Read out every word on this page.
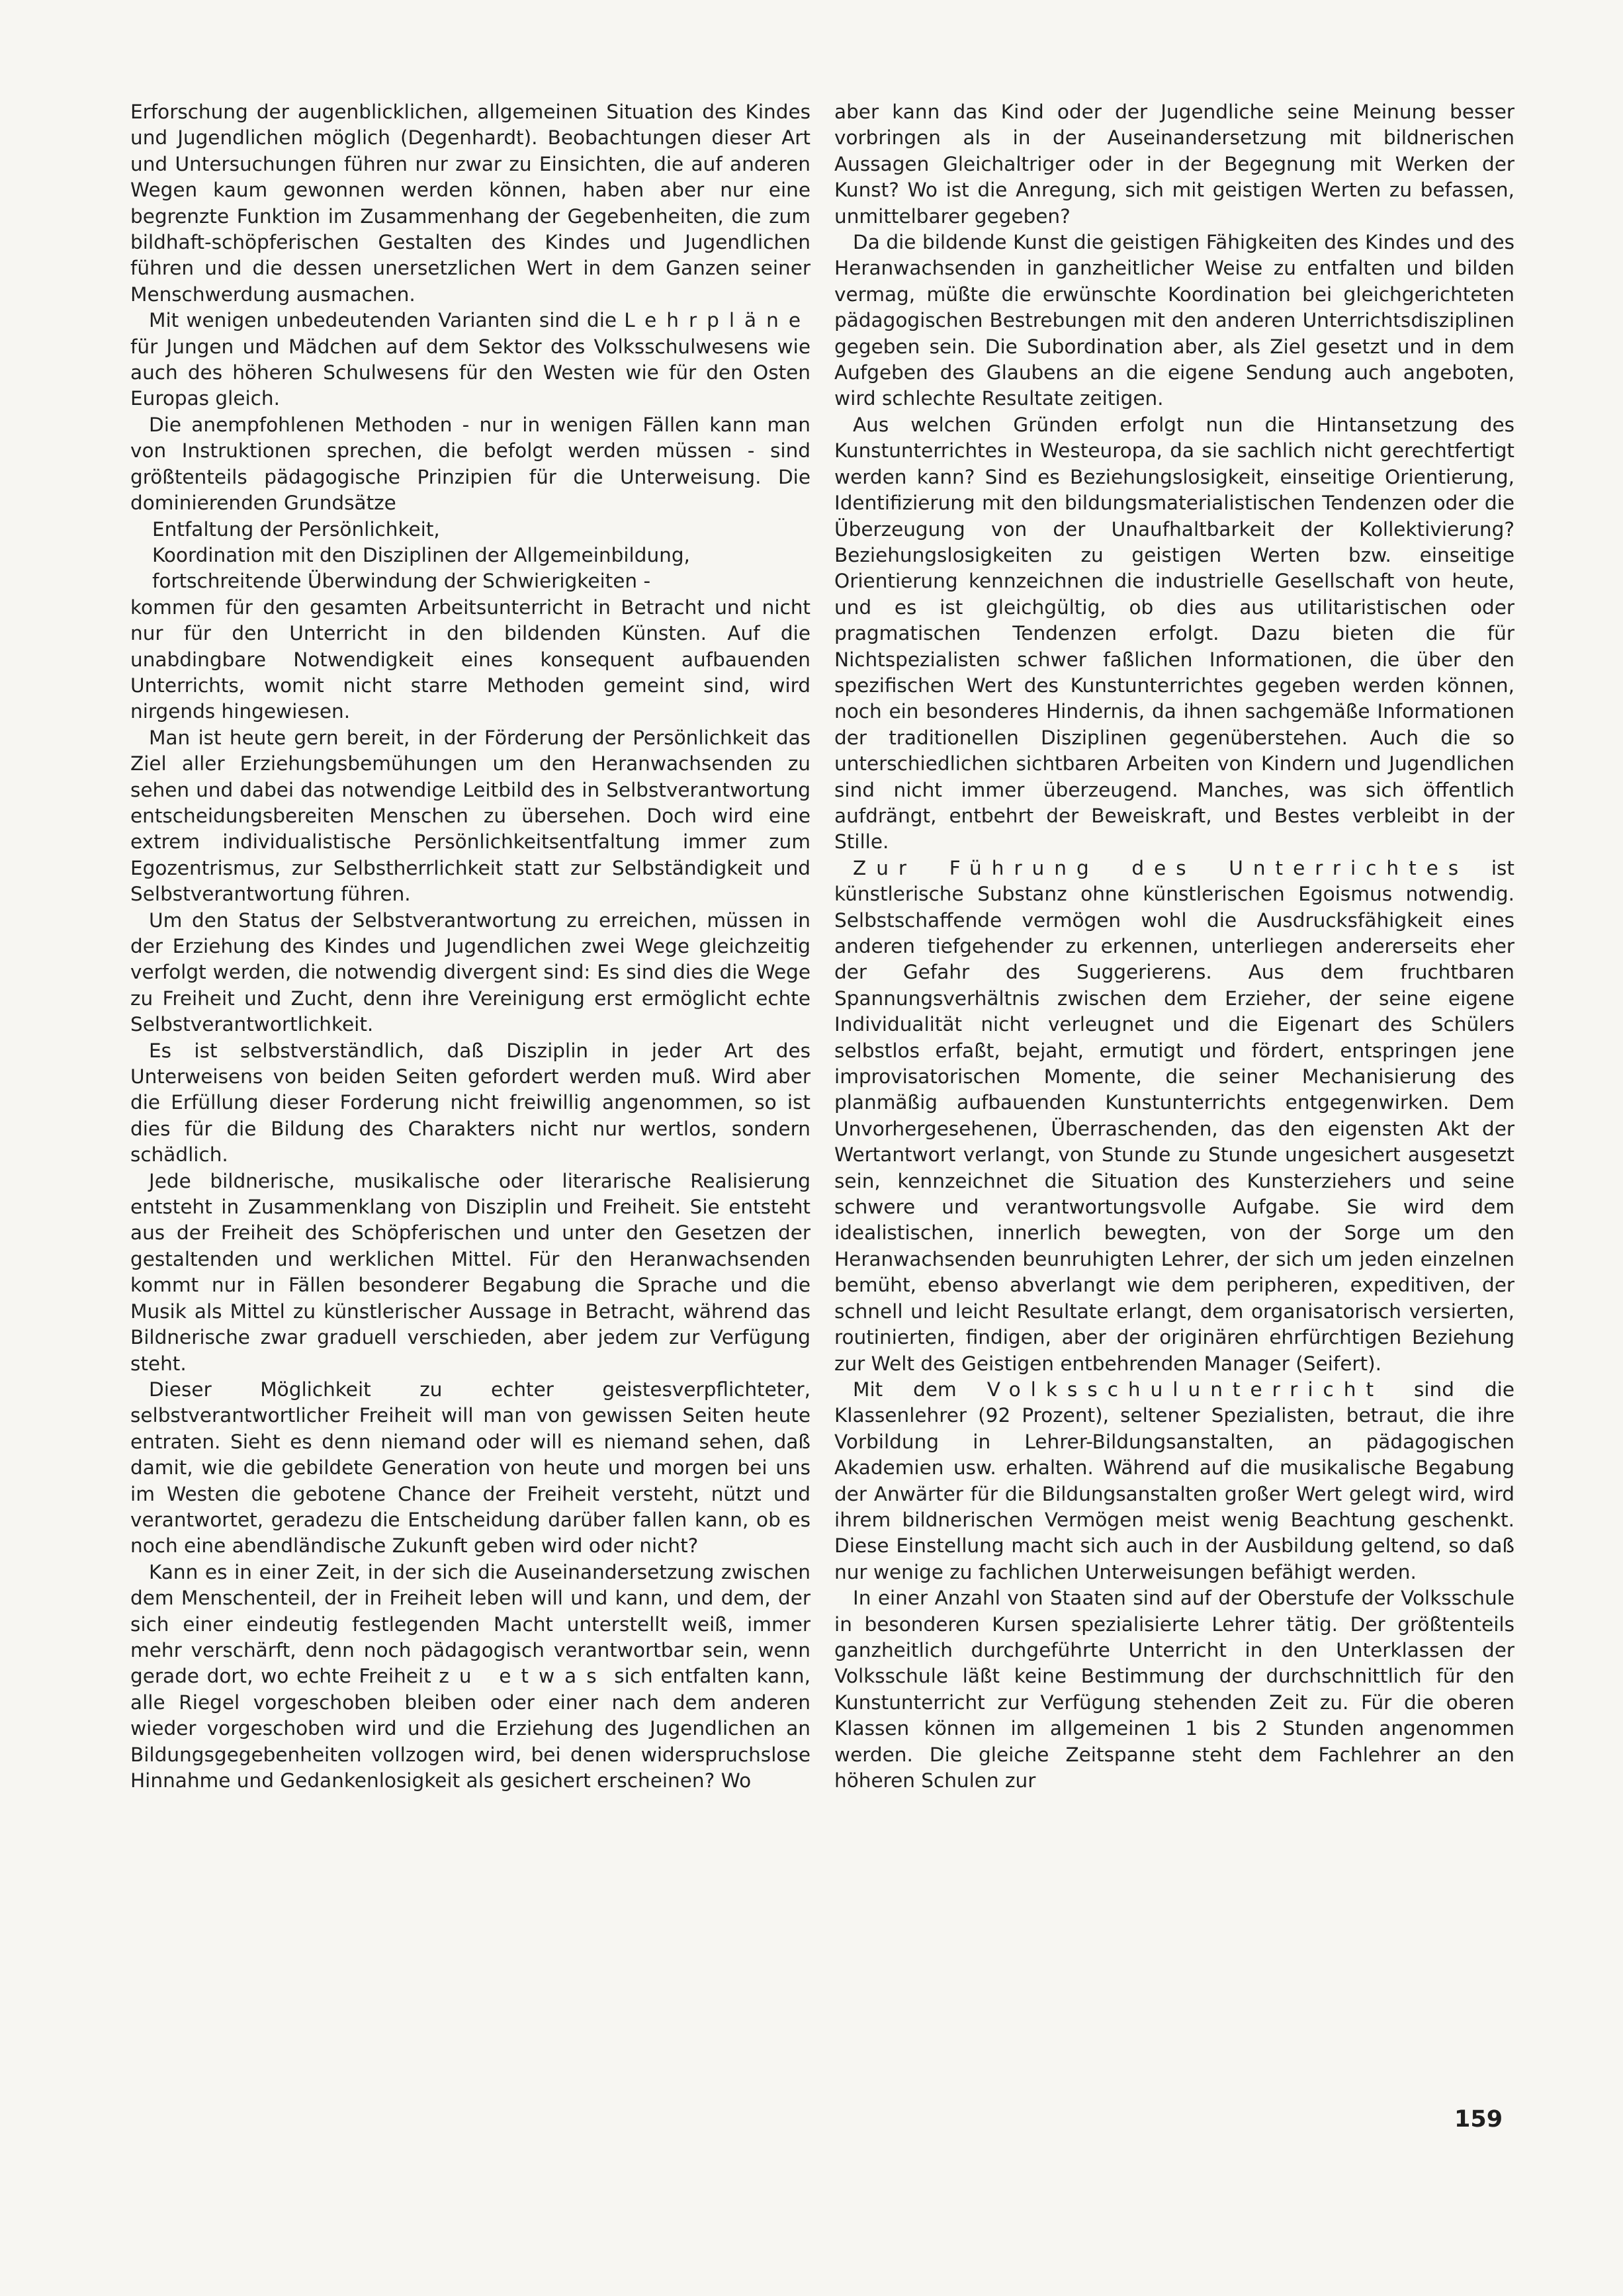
Erforschung der augenblicklichen, allgemeinen Situation des Kindes und Jugendlichen möglich (Degenhardt). Beobachtungen dieser Art und Untersuchungen führen nur zwar zu Einsichten, die auf anderen Wegen kaum gewonnen werden können, haben aber nur eine begrenzte Funktion im Zusammenhang der Gegebenheiten, die zum bildhaft-schöpferischen Gestalten des Kindes und Jugendlichen führen und die dessen unersetzlichen Wert in dem Ganzen seiner Menschwerdung ausmachen.

Mit wenigen unbedeutenden Varianten sind die Lehrpläne für Jungen und Mädchen auf dem Sektor des Volksschulwesens wie auch des höheren Schulwesens für den Westen wie für den Osten Europas gleich.

Die anempfohlenen Methoden - nur in wenigen Fällen kann man von Instruktionen sprechen, die befolgt werden müssen - sind größtenteils pädagogische Prinzipien für die Unterweisung. Die dominierenden Grundsätze

Entfaltung der Persönlichkeit,

Koordination mit den Disziplinen der Allgemeinbildung,

fortschreitende Überwindung der Schwierigkeiten -

kommen für den gesamten Arbeitsunterricht in Betracht und nicht nur für den Unterricht in den bildenden Künsten. Auf die unabdingbare Notwendigkeit eines konsequent aufbauenden Unterrichts, womit nicht starre Methoden gemeint sind, wird nirgends hingewiesen.

Man ist heute gern bereit, in der Förderung der Persönlichkeit das Ziel aller Erziehungsbemühungen um den Heranwachsenden zu sehen und dabei das notwendige Leitbild des in Selbstverantwortung entscheidungsbereiten Menschen zu übersehen. Doch wird eine extrem individualistische Persönlichkeitsentfaltung immer zum Egozentrismus, zur Selbstherrlichkeit statt zur Selbständigkeit und Selbstverantwortung führen.

Um den Status der Selbstverantwortung zu erreichen, müssen in der Erziehung des Kindes und Jugendlichen zwei Wege gleichzeitig verfolgt werden, die notwendig divergent sind: Es sind dies die Wege zu Freiheit und Zucht, denn ihre Vereinigung erst ermöglicht echte Selbstverantwortlichkeit.

Es ist selbstverständlich, daß Disziplin in jeder Art des Unterweisens von beiden Seiten gefordert werden muß. Wird aber die Erfüllung dieser Forderung nicht freiwillig angenommen, so ist dies für die Bildung des Charakters nicht nur wertlos, sondern schädlich.

Jede bildnerische, musikalische oder literarische Realisierung entsteht in Zusammenklang von Disziplin und Freiheit. Sie entsteht aus der Freiheit des Schöpferischen und unter den Gesetzen der gestaltenden und werklichen Mittel. Für den Heranwachsenden kommt nur in Fällen besonderer Begabung die Sprache und die Musik als Mittel zu künstlerischer Aussage in Betracht, während das Bildnerische zwar graduell verschieden, aber jedem zur Verfügung steht.

Dieser Möglichkeit zu echter geistesverpflichteter, selbstverantwortlicher Freiheit will man von gewissen Seiten heute entraten. Sieht es denn niemand oder will es niemand sehen, daß damit, wie die gebildete Generation von heute und morgen bei uns im Westen die gebotene Chance der Freiheit versteht, nützt und verantwortet, geradezu die Entscheidung darüber fallen kann, ob es noch eine abendländische Zukunft geben wird oder nicht?

Kann es in einer Zeit, in der sich die Auseinandersetzung zwischen dem Menschenteil, der in Freiheit leben will und kann, und dem, der sich einer eindeutig festlegenden Macht unterstellt weiß, immer mehr verschärft, denn noch pädagogisch verantwortbar sein, wenn gerade dort, wo echte Freiheit zu etwas sich entfalten kann, alle Riegel vorgeschoben bleiben oder einer nach dem anderen wieder vorgeschoben wird und die Erziehung des Jugendlichen an Bildungsgegebenheiten vollzogen wird, bei denen widerspruchslose Hinnahme und Gedankenlosigkeit als gesichert erscheinen? Wo

aber kann das Kind oder der Jugendliche seine Meinung besser vorbringen als in der Auseinandersetzung mit bildnerischen Aussagen Gleichaltriger oder in der Begegnung mit Werken der Kunst? Wo ist die Anregung, sich mit geistigen Werten zu befassen, unmittelbarer gegeben?

Da die bildende Kunst die geistigen Fähigkeiten des Kindes und des Heranwachsenden in ganzheitlicher Weise zu entfalten und bilden vermag, müßte die erwünschte Koordination bei gleichgerichteten pädagogischen Bestrebungen mit den anderen Unterrichtsdisziplinen gegeben sein. Die Subordination aber, als Ziel gesetzt und in dem Aufgeben des Glaubens an die eigene Sendung auch angeboten, wird schlechte Resultate zeitigen.

Aus welchen Gründen erfolgt nun die Hintansetzung des Kunstunterrichtes in Westeuropa, da sie sachlich nicht gerechtfertigt werden kann? Sind es Beziehungslosigkeit, einseitige Orientierung, Identifizierung mit den bildungsmaterialistischen Tendenzen oder die Überzeugung von der Unaufhaltbarkeit der Kollektivierung? Beziehungslosigkeiten zu geistigen Werten bzw. einseitige Orientierung kennzeichnen die industrielle Gesellschaft von heute, und es ist gleichgültig, ob dies aus utilitaristischen oder pragmatischen Tendenzen erfolgt. Dazu bieten die für Nichtspezialisten schwer faßlichen Informationen, die über den spezifischen Wert des Kunstunterrichtes gegeben werden können, noch ein besonderes Hindernis, da ihnen sachgemäße Informationen der traditionellen Disziplinen gegenüberstehen. Auch die so unterschiedlichen sichtbaren Arbeiten von Kindern und Jugendlichen sind nicht immer überzeugend. Manches, was sich öffentlich aufdrängt, entbehrt der Beweiskraft, und Bestes verbleibt in der Stille.

Zur Führung des Unterrichtes ist künstlerische Substanz ohne künstlerischen Egoismus notwendig. Selbstschaffende vermögen wohl die Ausdrucksfähigkeit eines anderen tiefgehender zu erkennen, unterliegen andererseits eher der Gefahr des Suggerierens. Aus dem fruchtbaren Spannungsverhältnis zwischen dem Erzieher, der seine eigene Individualität nicht verleugnet und die Eigenart des Schülers selbstlos erfaßt, bejaht, ermutigt und fördert, entspringen jene improvisatorischen Momente, die seiner Mechanisierung des planmäßig aufbauenden Kunstunterrichts entgegenwirken. Dem Unvorhergesehenen, Überraschenden, das den eigensten Akt der Wertantwort verlangt, von Stunde zu Stunde ungesichert ausgesetzt sein, kennzeichnet die Situation des Kunsterziehers und seine schwere und verantwortungsvolle Aufgabe. Sie wird dem idealistischen, innerlich bewegten, von der Sorge um den Heranwachsenden beunruhigten Lehrer, der sich um jeden einzelnen bemüht, ebenso abverlangt wie dem peripheren, expeditiven, der schnell und leicht Resultate erlangt, dem organisatorisch versierten, routinierten, findigen, aber der originären ehrfürchtigen Beziehung zur Welt des Geistigen entbehrenden Manager (Seifert).

Mit dem Volksschulunterricht sind die Klassenlehrer (92 Prozent), seltener Spezialisten, betraut, die ihre Vorbildung in Lehrer-Bildungsanstalten, an pädagogischen Akademien usw. erhalten. Während auf die musikalische Begabung der Anwärter für die Bildungsanstalten großer Wert gelegt wird, wird ihrem bildnerischen Vermögen meist wenig Beachtung geschenkt. Diese Einstellung macht sich auch in der Ausbildung geltend, so daß nur wenige zu fachlichen Unterweisungen befähigt werden.

In einer Anzahl von Staaten sind auf der Oberstufe der Volksschule in besonderen Kursen spezialisierte Lehrer tätig. Der größtenteils ganzheitlich durchgeführte Unterricht in den Unterklassen der Volksschule läßt keine Bestimmung der durchschnittlich für den Kunstunterricht zur Verfügung stehenden Zeit zu. Für die oberen Klassen können im allgemeinen 1 bis 2 Stunden angenommen werden. Die gleiche Zeitspanne steht dem Fachlehrer an den höheren Schulen zur

159
